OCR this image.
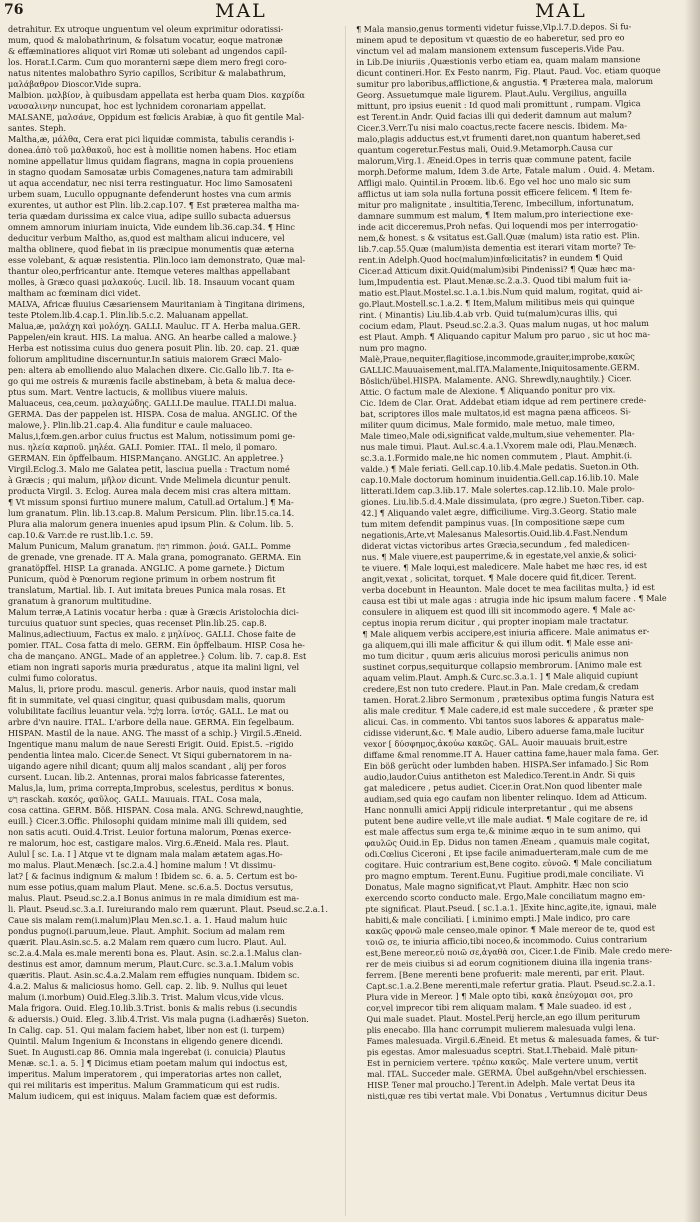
76	MAL	MAL
detrahitur. Ex utroque unguentum vel oleum exprimitur odoratissi-
mum, quod & malobathrinum, & folsatum vocatur, eoque matronæ
& effæminatiores aliquot viri Romæ uti solebant ad ungendos capil-
los. Horat.I.Carm. Cum quo moranterni sæpe diem mero fregi coro-
natus nitentes malobathro Syrio capillos, Scribitur & malabathrum,
μαλάβαθρον Dioscor.Vide supra.
Malbion. μαλβίον, à quibusdam appellata est herba quam Dios. καχρίδα
ναυσαλινην nuncupat, hoc est lychnidem coronariam appellat.
MALSANE, μαλσάνε, Oppidum est fœlicis Arabiæ, à quo fit gentile Mal-
santes. Steph.
Maltha,æ, μάλθα, Cera erat pici liquidæ commista, tabulis cerandis i-
donea.ἀπὸ τοῦ μαλθακοῦ, hoc est à mollitie nomen habens. Hoc etiam
nomine appellatur limus quidam flagrans, magna in copia proueniens
in stagno quodam Samosatæ urbis Comagenes,natura tam admirabili
ut aqua accendatur, nec nisi terra restinguatur. Hoc limo Samosateni
urbem suam, Lucullo oppugnante defenderunt hostes vna cum armis
exurentes, ut author est Plin. lib.2.cap.107. ¶ Est præterea maltha ma-
teria quædam durissima ex calce viua, adipe suillo subacta aduersus
omnem amnorum iniuriam inuicta, Vide eundem lib.36.cap.34. ¶ Hinc
deducitur verbum Maltho, as,quod est maltham alicui inducere, vel
maltha oblinere, quod fiebat in iis præcipue monumentis quæ æterna
esse volebant, & aquæ resistentia. Plin.loco iam demonstrato, Quæ mal-
thantur oleo,perfricantur ante. Itemque veteres malthas appellabant
molles, à Græco quasi μαλακούς. Lucil. lib. 18. Insauum vocant quam
maltham ac fœminam dici videt.
MALVA, Africæ fluuius Cæsariensem Mauritaniam à Tingitana dirimens,
teste Ptolem.lib.4.cap.1. Plin.lib.5.c.2. Maluanam appellat.
Malua,æ, μαλάχη καὶ μολόχη. GALLI. Mauluc. IT A. Herba malua.GER.
Pappelen/ein kraut. HIS. La malua. ANG. An hearbe called a malowe.}
Herba est notissima cuius duo genera posuit Plin. lib. 20. cap. 21. quæ
foliorum amplitudine discernuntur.In satiuis maiorem Græci Malo-
pen: altera ab emolliendo aluo Malachen dixere. Cic.Gallo lib.7. Ita e-
go qui me ostreis & murænis facile abstinebam, à beta & malua dece-
ptus sum. Mart. Ventre lactucis, & mollibus viuere maluis.
Maluaceus, cea,ceum. μαλαχώδης. GALLI.De maulue. ITALI.Di malua.
GERMA. Das der pappelen ist. HISPA. Cosa de malua. ANGLIC. Of the
malowe,}. Plin.lib.21.cap.4. Alia funditur e caule maluaceo.
Malus,i,fœm.gen.arbor cuius fructus est Malum, notissimum pomi ge-
nus. ηλεία καρποῦ. μηλέα. GALI. Pomier. ITAL. Il melo, il pomaro.
GERMAN. Ein öpffelbaum. HISP.Mançano. ANGLIC. An appletree.}
Virgil.Eclog.3. Malo me Galatea petit, lasciua puella : Tractum nomé
à Græcis ; qui malum, μῆλον dicunt. Vnde Melimela dicuntur penult.
producta Virgil. 3. Eclog. Aurea mala decem misi cras altera mittam.
¶ Vt missum sponsi furtiuo munere malum, Catull.ad Ortalum.] ¶ Ma-
lum granatum. Plin. lib.13.cap.8. Malum Persicum. Plin. libr.15.ca.14.
Plura alia malorum genera inuenies apud ipsum Plin. & Colum. lib. 5.
cap.10.& Varr.de re rust.lib.1.c. 59.
Malum Punicum, Malum granatum. רִמּוֹן rimmon. ῥοιά. GALL. Pomme
de grenade, vne grenade. IT A. Mala grana, pomogranato. GERMA. Ein
granatöpffel. HISP. La granada. ANGLIC. A pome garnete.} Dictum
Punicum, quòd è Pœnorum regione primum in orbem nostrum fit
translatum, Martial. lib. I. Aut imitata breues Punica mala rosas. Et
granatum à granorum multitudine.
Malum terræ,A Latinis vocatur herba : quæ à Græcis Aristolochia dici-
turcuius quatuor sunt species, quas recenset Plin.lib.25. cap.8.
Malinus,adiectiuum, Factus ex malo. ε μηλίνος. GALLI. Chose faite de
pomier. ITAL. Cosa fatta di melo. GERM. Ein öpffelbaum. HISP. Cosa he-
cha de mançano. ANGL. Made of an appletree.} Colum. lib. 7. cap.8. Est
etiam non ingrati saporis muria præduratus , atque ita malini ligni, vel
culmi fumo coloratus.
Malus, li, priore produ. mascul. generis. Arbor nauis, quod instar mali
fit in summitate, vel quasi cingitur, quasi quibusdam malis, quorum
volubilitate facilius leuantur vela. בָּלְבַל lorra. ἱστός. GALL. Le mat ou
arbre d'vn nauire. ITAL. L'arbore della naue. GERMA. Ein ſegelbaum.
HISPAN. Mastil de la naue. ANG. The masst of a schip.} Virgil.5.Æneid.
Ingentique manu malum de naue Seresti Erigit. Ouid. Epist.5. –rigido
pendentia lintea malo. Cicer.de Senect. Vt Siqui gubernatorem in na-
uigando agere nihil dicant; quum alij malos scandant , alij per foros
cursent. Lucan. lib.2. Antennas, prorai malos fabricasse faterentes,
Malus,la, lum, prima correpta,Improbus, scelestus, perditus ✕ bonus.
רַשׁ rasckah. κακός, φαῦλος. GALL. Mauuais. ITAL. Cosa mala,
cosa cattina. GERM. Böß. HISPAN. Cosa mala. ANG. Schrewd,naughtie,
euill.} Cicer.3.Offic. Philosophi quidam minime mali illi quidem, sed
non satis acuti. Ouid.4.Trist. Leuior fortuna malorum, Pœnas exerce-
re malorum, hoc est, castigare malos. Virg.6.Æneid. Mala res. Plaut.
Aulul [ sc. I.a. I ] Atque vt te dignam mala malam ætatem agas.Ho-
mo malus. Plaut.Menæch. [sc.2.a.4.] homine malum ! Vt dissimu-
lat? [ & facinus indignum & malum ! Ibidem sc. 6. a. 5. Certum est bo-
num esse potius,quam malum Plaut. Mene. sc.6.a.5. Doctus versutus,
malus. Plaut. Pseud.sc.2.a.I Bonus animus in re mala dimidium est ma-
li. Plaut. Pseud.sc.3.a.I. Iureiurando malo rem quærunt. Plaut. Pseud.sc.2.a.1.
Caue sis malam rem(i.malum)Plau Men.sc.1. a. 1. Haud malum huic
pondus pugno(i.paruum,leue. Plaut. Amphit. Socium ad malam rem
quærit. Plau.Asin.sc.5. a.2 Malam rem quæro cum lucro. Plaut. Aul.
sc.2.a.4.Mala es.male merenti bona es. Plaut. Asin. sc.2.a.1.Malus clan-
destinus est amor, damnum merum, Plaut.Curc. sc.3.a.1.Malum vobis
quæritis. Plaut. Asin.sc.4.a.2.Malam rem effugies nunquam. Ibidem sc.
4.a.2. Malus & maliciosus homo. Gell. cap. 2. lib. 9. Nullus qui leuet
malum (i.morbum) Ouid.Eleg.3.lib.3. Trist. Malum vlcus,vide vlcus.
Mala frigora. Ouid. Eleg.10.lib.3.Trist. bonis & malis rebus (i.secundis
& aduersis.) Ouid. Eleg. 3.lib.4.Trist. Vis mala pugna (i.adhærēs) Sueton.
In Calig. cap. 51. Qui malam faciem habet, liber non est (i. turpem)
Quintil. Malum Ingenium & Inconstans in eligendo genere dicendi.
Suet. In Augusti.cap 86. Omnia mala ingerebat (i. conuicia) Plautus
Menæ. sc.1. a. 5. ] ¶ Dicimus etiam poetam malum qui indoctus est,
imperitus. Malum imperatorem , qui imperatorias artes non callet,
qui rei militaris est imperitus. Malum Grammaticum qui est rudis.
Malum iudicem, qui est iniquus. Malam faciem quæ est deformis.
¶ Mala mansio,genus tormenti videtur fuisse,Vlp.l.7.D.depos. Si fu-
minem apud te depositum vt quæstio de eo haberetur, sed pro eo
vinctum vel ad malam mansionem extensum fusceperis.Vide Pau.
in Lib.De iniuriis ,Quæstionis verbo etiam ea, quam malam mansione
dicunt contineri.Hor. Ex Festo nanrm, Fig. Plaut. Paud. Voc. etiam quoque
sumitur pro laboribus,afflictione,& angustia. ¶ Præterea mala, malorum
Georg. Assuetumque male ligurem. Plaut.Aulu. Vergilius, anguilla
mittunt, pro ipsius euenit : Id quod mali promittunt , rumpam. Vlgica
est Terent.in Andr. Quid facias illi qui dederit damnum aut malum?
Cicer.3.Verr.Tu nisi malo coactus,recte facere nescis. Ibidem. Ma-
malo,plagis adductus est,vt frumenti daret,non quantum haberet,sed
quantum cogeretur.Festus mali, Ouid.9.Metamorph.Causa cur
malorum,Virg.1. Æneid.Opes in terris quæ commune patent, facile
morph.Deforme malum, Idem 3.de Arte, Fatale malum . Ouid. 4. Metam.
Affligi malo. Quintil.in Proœm. lib.6. Ego vel hoc uno malo sic sum
afflictus ut iam sola nulla fortuna possit efficere felicem. ¶ Item fe-
mitur pro malignitate , insultitia,Terenc, Imbecillum, infortunatum,
damnare summum est malum, ¶ Item malum,pro interiectione exe-
inde acit dicceremus,Proh nefas. Qui loquendi mos per interrogatio-
nem,& honest. s & vsitatus est.Gall.Quæ (malum) ista ratio est. Plin.
lib.7.cap.55.Quæ (malum)ista dementia est iterari vitam morte? Te-
rent.in Adelph.Quod hoc(malum)infœlicitatis? in eundem ¶ Quid
Cicer.ad Atticum dixit.Quid(malum)sibi Pindenissi? ¶ Quæ hæc ma-
lum,Impudentia est. Plaut.Menæ.sc.2.a.3. Quod tibi malum fuit ia-
matio est.Plaut.Mostel.sc.1.a.1.bis.Num quid malum, rogitat, quid ai-
go.Plaut.Mostell.sc.1.a.2. ¶ Item,Malum militibus meis qui quinque
rint. ( Minantis) Liu.lib.4.ab vrb. Quid tu(malum)curas illis, qui
cocium edam, Plaut. Pseud.sc.2.a.3. Quas malum nugas, ut hoc malum
est Plaut. Amph. ¶ Aliquando capitur Malum pro paruo , sic ut hoc ma-
num pro magno.
Malè,Praue,nequiter,flagitiose,incommode,grauiter,improbe,κακῶς
GALLIC.Mauuaisement,mal.ITA.Malamente,Iniquitosamente.GERM.
Böslich/übel.HISPA. Malamente. ANG. Shrewdly,naughtily.} Cicer.
Attic. O factum male de Alexione. ¶ Aliquando ponitur pro vix.
Cic. Idem de Clar. Orat. Addebat etiam idque ad rem pertinere crede-
bat, scriptores illos male multatos,id est magna pæna afficeos. Si-
militer quum dicimus, Male formido, male metuo, male timeo,
Male timeo,Male odi,significat valde,multum,siue vehementer. Pla-
nus male timui. Plaut. Aul.sc.4.a.1.Vxorem male odi, Plau.Menæch.
sc.3.a.1.Formido male,ne hic nomen commutem , Plaut. Amphit.(i.
valde.) ¶ Male feriati. Gell.cap.10.lib.4.Male pedatis. Sueton.in Oth.
cap.10.Male doctorum hominum inuidentia.Gell.cap.16.lib.10. Male
litterati.Idem cap.3.lib.17. Male solertes.cap.12.lib.10. Male prolo-
giones. Liu.lib.5.d.4.Male dissimulata, (pro ægre.) Sueton.Tiber. cap.
42.] ¶ Aliquando valet ægre, difficiliume. Virg.3.Georg. Statio male
tum mitem defendit pampinus vuas. [In compositione sæpe cum
negationis,Arte,vt Malesanus Malesortis.Ouid.lib.4.Fast.Nendum
diderat victas victoribus artes Græcia,secundum , fed maledicen-
nus. ¶ Male viuere,est pauperrime,& in egestate,vel anxie,& solici-
te viuere. ¶ Male loqui,est maledicere. Male habet me hæc res, id est
angit,vexat , solicitat, torquet. ¶ Male docere quid fit,dicer. Terent.
verba docebunt in Heaunton. Male docet te mea facilitas multa,} id est
causa est tibi ut male agas : atrugia inde hic ipsum malum facere . ¶ Male
consulere in aliquem est quod illi sit incommodo agere. ¶ Male ac-
ceptus inopia rerum dicitur , qui propter inopiam male tractatur.
¶ Male aliquem verbis accipere,est iniuria afficere. Male animatus er-
ga aliquem,qui illi male afficitur & qui illum odit. ¶ Male esse ani-
mo tum dicitur , quum æris alicuius morosi periculis animus non
sustinet corpus,sequiturque collapsio membrorum. [Animo male est
aquam velim.Plaut. Amph.& Curc.sc.3.a.1. ] ¶ Male aliquid cupiunt
credere,Est non tuto credere. Plaut.in Pan. Male credam,& credam
tamen. Horat.2.libro Sermonum , prætexibus optima fungis Natura est
alis male creditur. ¶ Male cadere,id est male succedere , & præter spe
alicui. Cas. in commento. Vbi tantos suos labores & apparatus male-
cidisse viderunt,&c. ¶ Male audio, Libero aduerse fama,male lucitur
vexor [ δύσφημος,ἀκούω κακῶς. GAL. Auoir mauuais bruit,estre
diffame &mal renomme.IT A. Hauer cattina fame,hauer mala fama. Ger.
Ein böß gerücht oder lumbden haben. HISPA.Ser infamado.] Sic Rom
audio,laudor.Cuius antitheton est Maledico.Terent.in Andr. Si quis
gat maledicere , petus audiet. Cicer.in Orat.Non quod libenter male
audiam,sed quia ego caufam non libenter relinquo. Idem ad Atticum.
Hanc nonnulli amici Appij ridicule interpretantur , qui me absens
putent bene audire velle,vt ille male audiat. ¶ Male cogitare de re, id
est male affectus sum erga te,& minime æquo in te sum animo, qui
φαυλῶς Ouid.in Ep. Didus non tamen Æneam , quamuis male cogitat,
odi.Cœlius Ciceroni , Et ipse facile animaduerteram,male cum de me
cogitare. Huic contrarium est,Bene cogito. εὐνοῶ. ¶ Male conciliatum
pro magno emptum. Terent.Eunu. Fugitiue prodi,male conciliate. Vi
Donatus, Male magno significat,vt Plaut. Amphitr. Hæc non scio
exercendo scorto conducto male. Ergo,Male conciliatum magno em-
pte significat. Plaut.Pseud. [ sc.1.a.1. ]Exite hinc,agite,ite, ignaui, male
habiti,& male conciliati. [ i.minimo empti.] Male indico, pro care
κακῶς φρονῶ male censeo,male opinor. ¶ Male mereor de te, quod est
τοιῶ σε, te iniuria afficio,tibi noceo,& incommodo. Cuius contrarium
est,Bene mereor,εὐ ποιῶ σε,ἀγαθὰ σοι, Cicer.1.de Finib. Male credo mere-
rer de meis ciuibus si ad eorum cognitionem diuina illa ingenia trans-
ferrem. [Bene merenti bene profuerit: male merenti, par erit. Plaut.
Capt.sc.1.a.2.Bene merenti,male refertur gratia. Plaut. Pseud.sc.2.a.1.
Plura vide in Mereor. ] ¶ Male opto tibi, κακὰ ἐπεύχομαι σοι, pro
cor,vel imprecor tibi rem aliquam malam. ¶ Male suadeo. id est ,
Qui male suadet. Plaut. Mostel.Perij hercle,an ego illum periturum
plis enecabo. Illa hanc corrumpit mulierem malesuada vulgi lena.
Fames malesuada. Virgil.6.Æneid. Et metus & malesuada fames, & tur-
pis egestas. Amor malesuadus sceptri. Stat.I.Thebaid. Malè pitun-
Est in perniciem vertere. τρέπω κακῶς. Male vertere unum, vertit
mal. ITAL. Succeder male. GERMA. Übel außgehn/vbel erschiessen.
HISP. Tener mal proucho.] Terent.in Adelph. Male vertat Deus ita
nisti,quæ res tibi vertat male. Vbi Donatus , Vertumnus dicitur Deus
